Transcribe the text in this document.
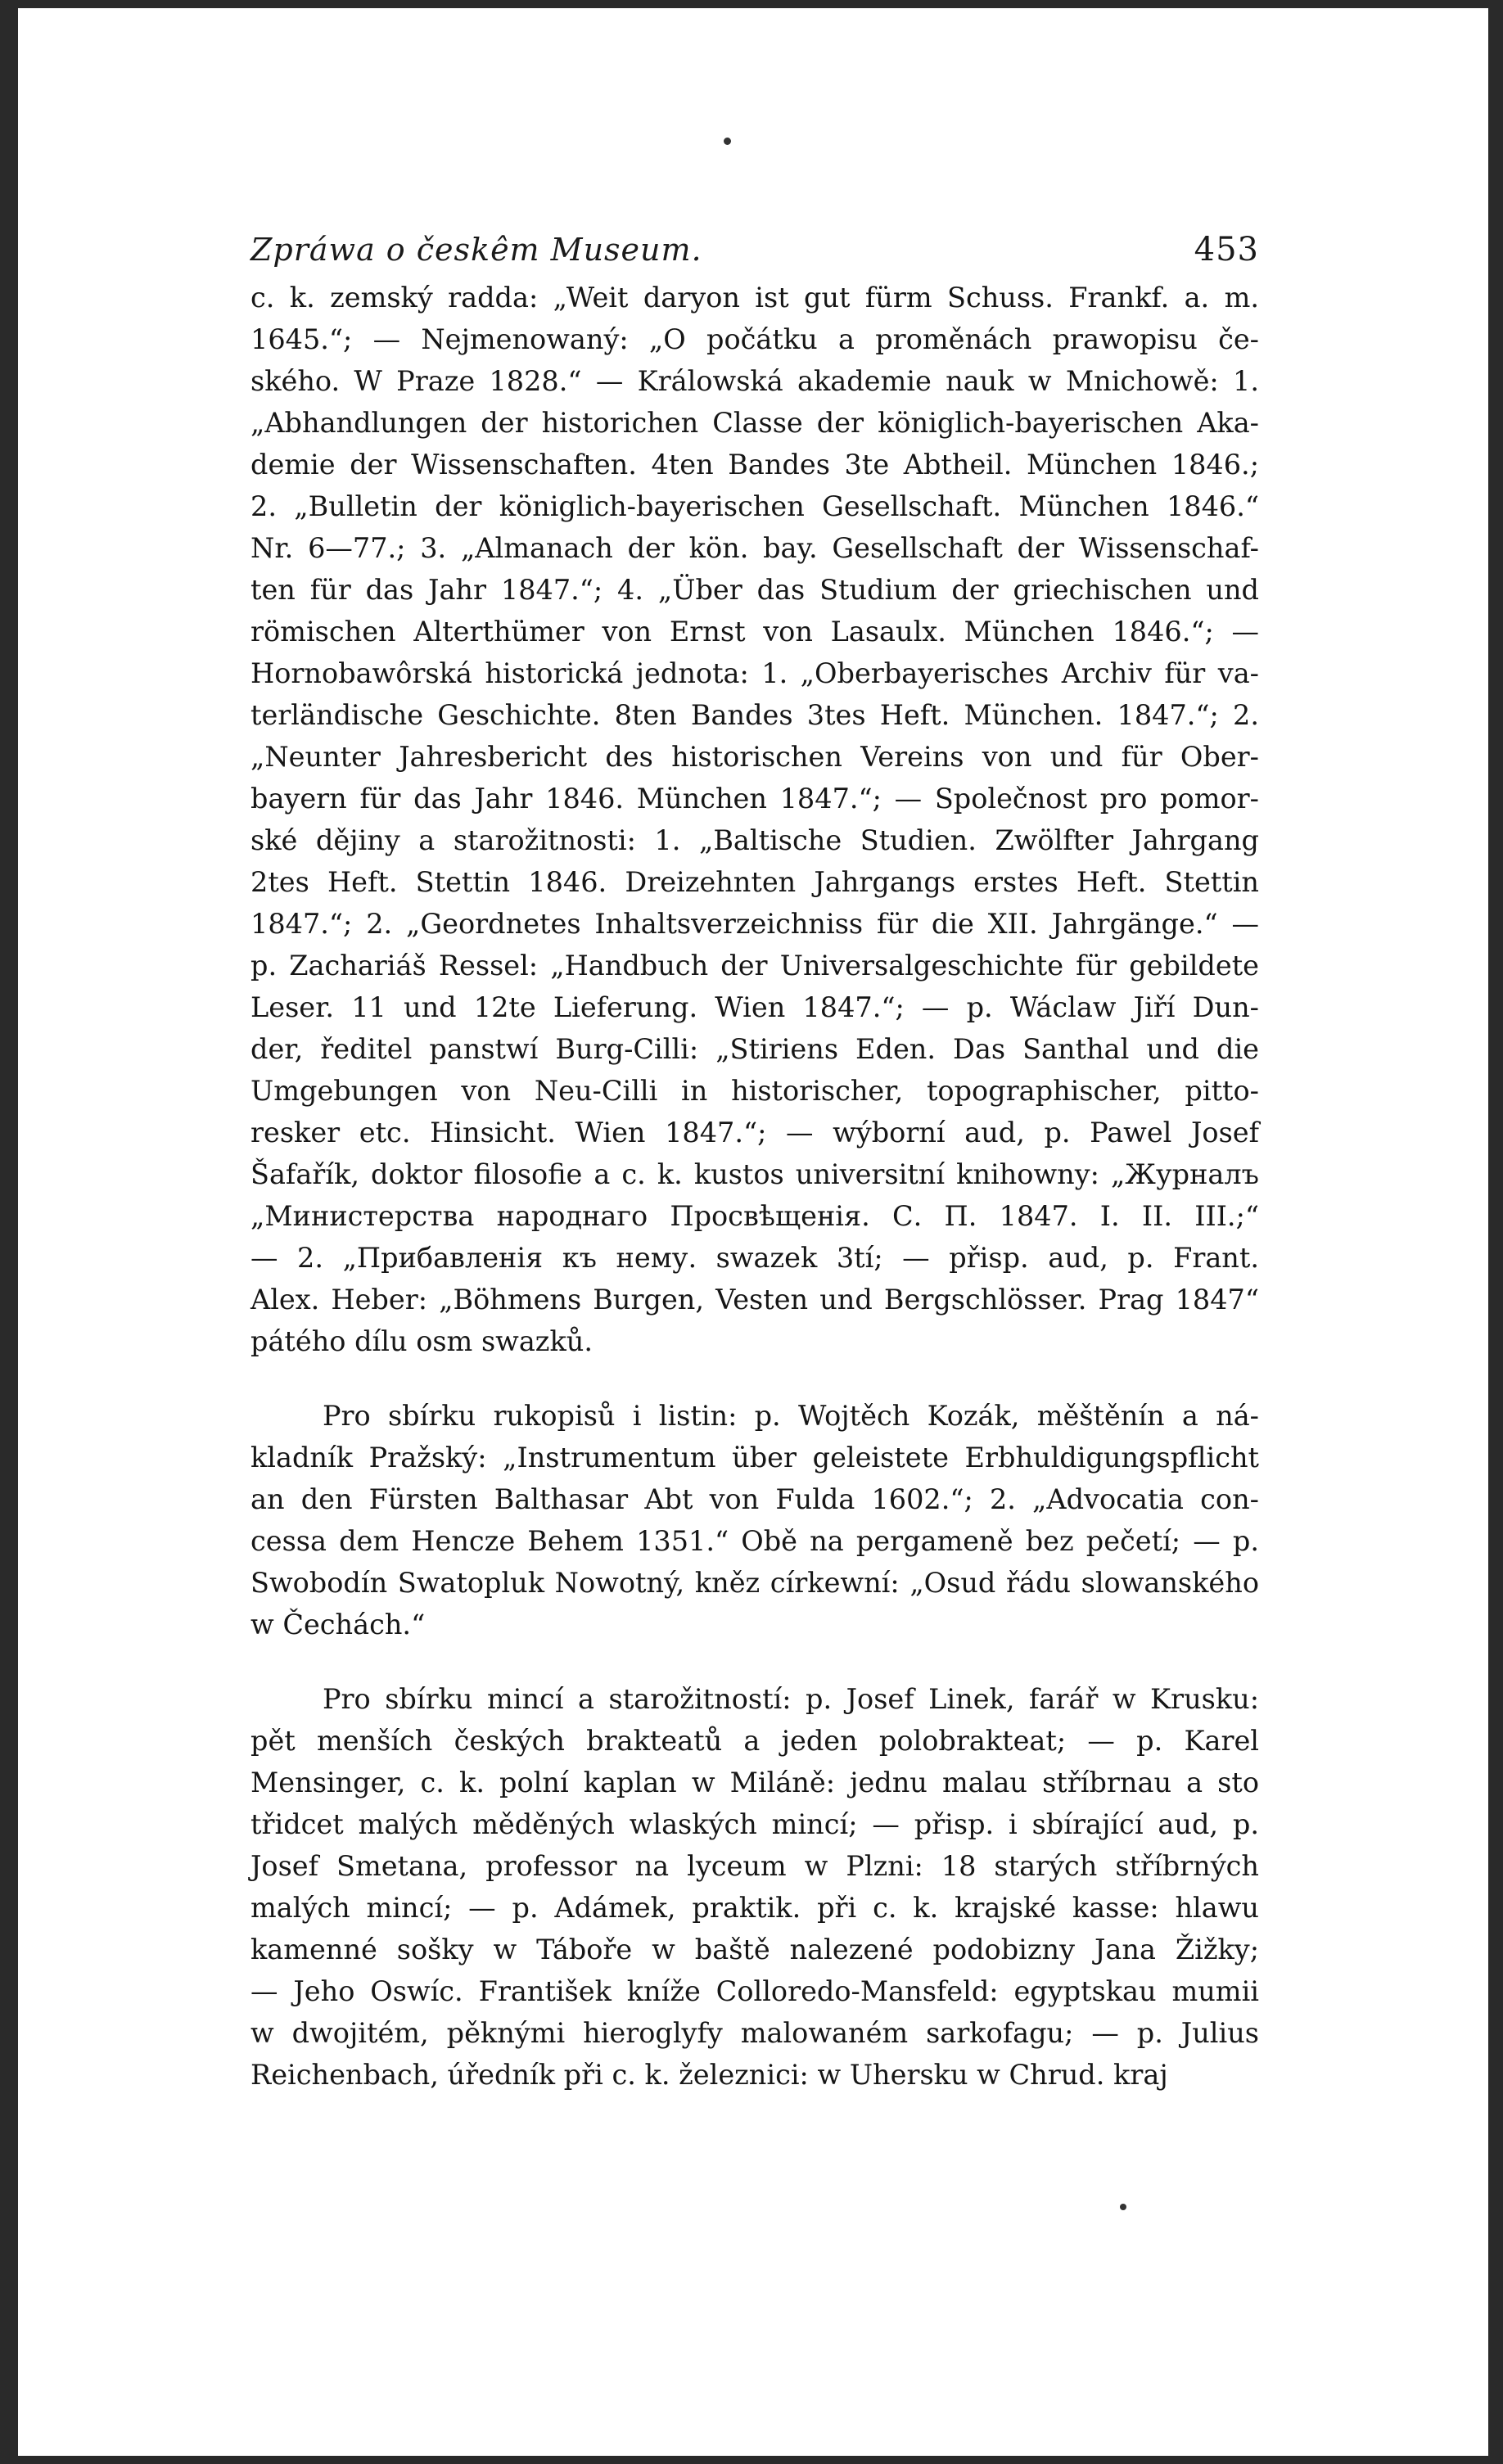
Zpráwa o českêm Museum.	453
c. k. zemský radda: „Weit daryon ist gut fürm Schuss. Frankf. a. m.
1645.“; — Nejmenowaný: „O počátku a proměnách prawopisu če-
ského. W Praze 1828.“ — Králowská akademie nauk w Mnichowě: 1.
„Abhandlungen der historichen Classe der königlich-bayerischen Aka-
demie der Wissenschaften. 4ten Bandes 3te Abtheil. München 1846.;
2. „Bulletin der königlich-bayerischen Gesellschaft. München 1846.“
Nr. 6—77.; 3. „Almanach der kön. bay. Gesellschaft der Wissenschaf-
ten für das Jahr 1847.“; 4. „Über das Studium der griechischen und
römischen Alterthümer von Ernst von Lasaulx. München 1846.“; —
Hornobawôrská historická jednota: 1. „Oberbayerisches Archiv für va-
terländische Geschichte. 8ten Bandes 3tes Heft. München. 1847.“; 2.
„Neunter Jahresbericht des historischen Vereins von und für Ober-
bayern für das Jahr 1846. München 1847.“; — Společnost pro pomor-
ské dějiny a starožitnosti: 1. „Baltische Studien. Zwölfter Jahrgang
2tes Heft. Stettin 1846. Dreizehnten Jahrgangs erstes Heft. Stettin
1847.“; 2. „Geordnetes Inhaltsverzeichniss für die XII. Jahrgänge.“ —
p. Zachariáš Ressel: „Handbuch der Universalgeschichte für gebildete
Leser. 11 und 12te Lieferung. Wien 1847.“; — p. Wáclaw Jiří Dun-
der, ředitel panstwí Burg-Cilli: „Stiriens Eden. Das Santhal und die
Umgebungen von Neu-Cilli in historischer, topographischer, pitto-
resker etc. Hinsicht. Wien 1847.“; — wýborní aud, p. Pawel Josef
Šafařík, doktor filosofie a c. k. kustos universitní knihowny: „Журналъ
„Министерства народнаго Просвѣщенія. С. П. 1847. I. II. III.;“
— 2. „Прибавленія къ нему. swazek 3tí; — přisp. aud, p. Frant.
Alex. Heber: „Böhmens Burgen, Vesten und Bergschlösser. Prag 1847“
pátého dílu osm swazků.
Pro sbírku rukopisů i listin: p. Wojtěch Kozák, měštěnín a ná-
kladník Pražský: „Instrumentum über geleistete Erbhuldigungspflicht
an den Fürsten Balthasar Abt von Fulda 1602.“; 2. „Advocatia con-
cessa dem Hencze Behem 1351.“ Obě na pergameně bez pečetí; — p.
Swobodín Swatopluk Nowotný, kněz církewní: „Osud řádu slowanského
w Čechách.“
Pro sbírku mincí a starožitností: p. Josef Linek, farář w Krusku:
pět menších českých brakteatů a jeden polobrakteat; — p. Karel
Mensinger, c. k. polní kaplan w Miláně: jednu malau stříbrnau a sto
třidcet malých měděných wlaských mincí; — přisp. i sbírající aud, p.
Josef Smetana, professor na lyceum w Plzni: 18 starých stříbrných
malých mincí; — p. Adámek, praktik. při c. k. krajské kasse: hlawu
kamenné sošky w Táboře w baště nalezené podobizny Jana Žižky;
— Jeho Oswíc. František kníže Colloredo-Mansfeld: egyptskau mumii
w dwojitém, pěknými hieroglyfy malowaném sarkofagu; — p. Julius
Reichenbach, úředník při c. k. železnici: w Uhersku w Chrud. kraj
